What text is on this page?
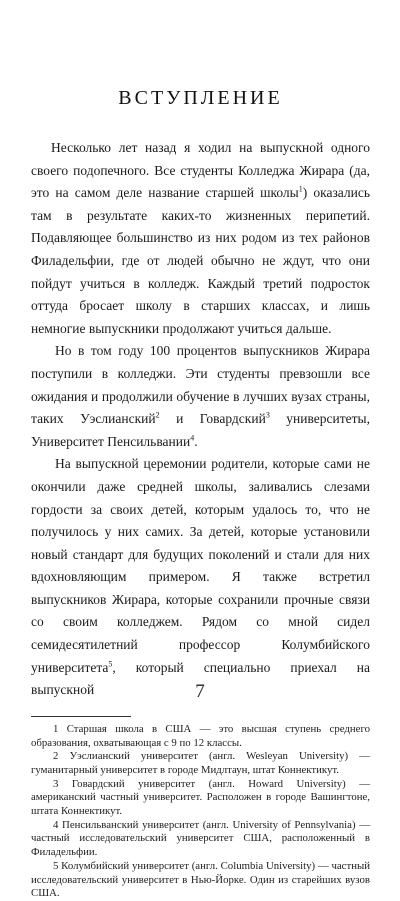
ВСТУПЛЕНИЕ

Несколько лет назад я ходил на выпускной одного своего подопечного. Все студенты Колледжа Жирара (да, это на самом деле название старшей школы$^1$) оказались там в результате каких-то жизненных перипетий. Подавляющее большинство из них родом из тех районов Филадельфии, где от людей обычно не ждут, что они пойдут учиться в колледж. Каждый третий подросток оттуда бросает школу в старших классах, и лишь немногие выпускники продолжают учиться дальше.

Но в том году 100 процентов выпускников Жирара поступили в колледжи. Эти студенты превзошли все ожидания и продолжили обучение в лучших вузах страны, таких Уэслианский$^2$ и Говардский$^3$ университеты, Университет Пенсильвании$^4$.

На выпускной церемонии родители, которые сами не окончили даже средней школы, заливались слезами гордости за своих детей, которым удалось то, что не получилось у них самих. За детей, которые установили новый стандарт для будущих поколений и стали для них вдохновляющим примером. Я также встретил выпускников Жирара, которые сохранили прочные связи со своим колледжем. Рядом со мной сидел семидесятилетний профессор Колумбийского университета$^5$, который специально приехал на выпускной

1 Старшая школа в США — это высшая ступень среднего образования, охватывающая с 9 по 12 классы.

2 Уэслианский университет (англ. Wesleyan University) — гуманитарный университет в городе Мидлтаун, штат Коннектикут.

3 Говардский университет (англ. Howard University) — американский частный университет. Расположен в городе Вашингтоне, штата Коннектикут.

4 Пенсильванский университет (англ. University of Pennsylvania) — частный исследовательский университет США, расположенный в Филадельфии.

5 Колумбийский университет (англ. Columbia University) — частный исследовательский университет в Нью-Йорке. Один из старейших вузов США.

7
